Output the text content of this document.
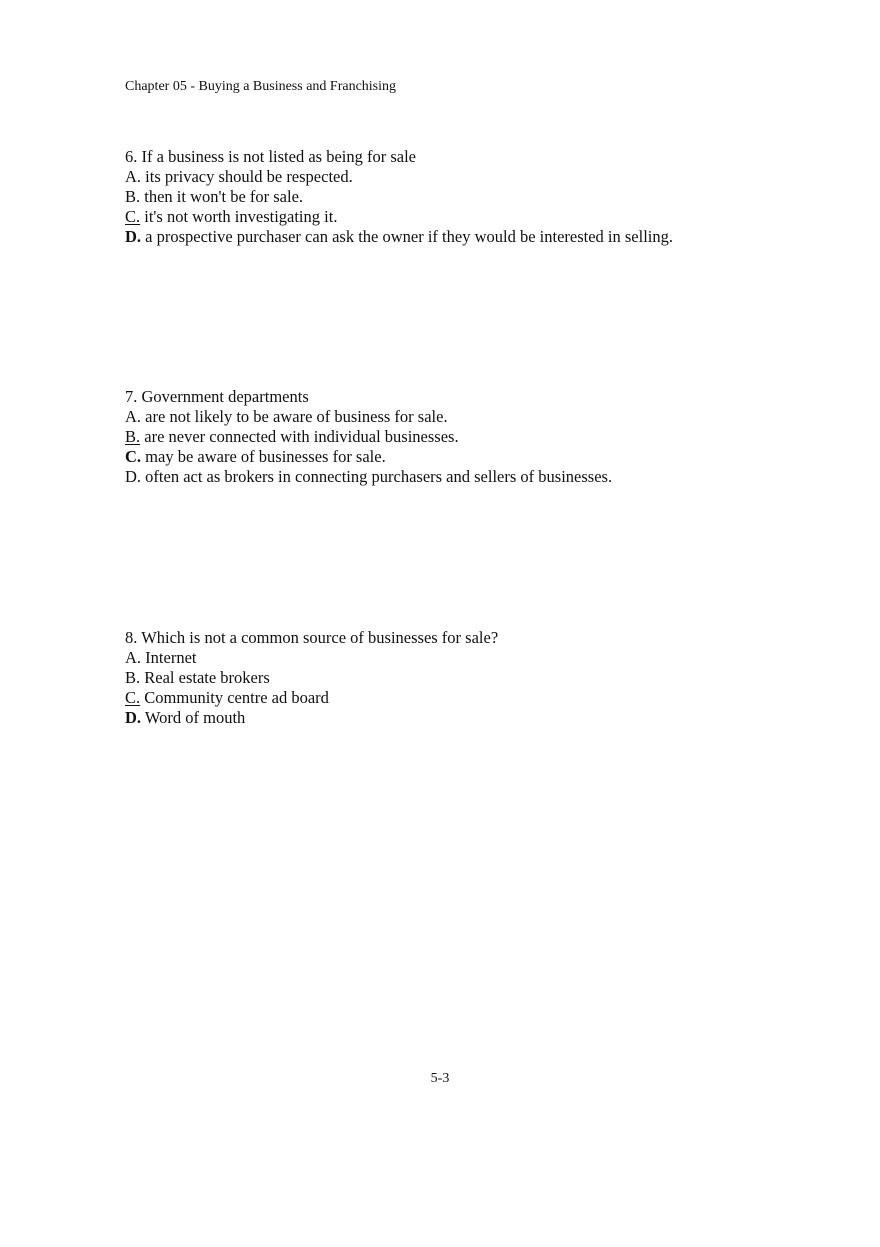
Chapter 05 - Buying a Business and Franchising
6. If a business is not listed as being for sale
A. its privacy should be respected.
B. then it won't be for sale.
C. it's not worth investigating it.
D. a prospective purchaser can ask the owner if they would be interested in selling.
7. Government departments
A. are not likely to be aware of business for sale.
B. are never connected with individual businesses.
C. may be aware of businesses for sale.
D. often act as brokers in connecting purchasers and sellers of businesses.
8. Which is not a common source of businesses for sale?
A. Internet
B. Real estate brokers
C. Community centre ad board
D. Word of mouth
5-3
